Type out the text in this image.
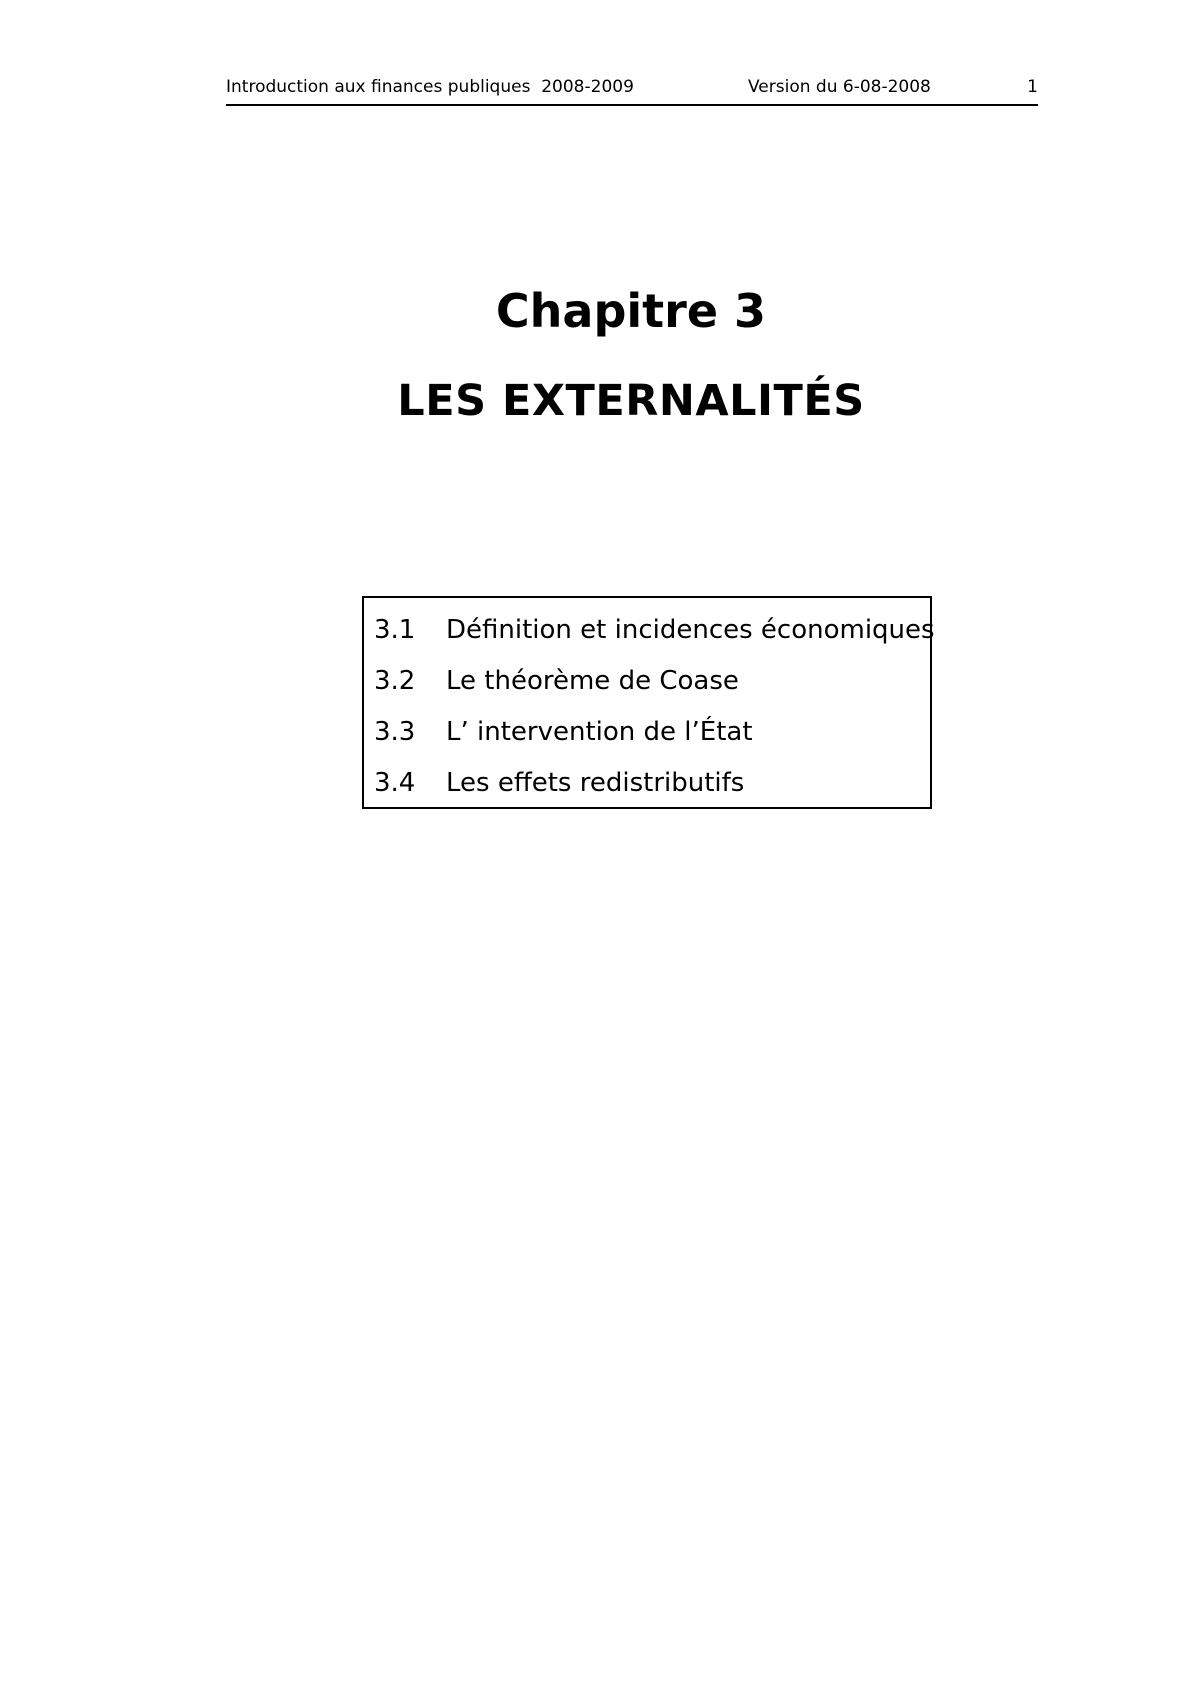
Introduction aux finances publiques  2008-2009	Version du 6-08-2008	1
Chapitre 3
LES EXTERNALITÉS
3.1 Définition et incidences économiques
3.2 Le théorème de Coase
3.3 L’ intervention de l’État
3.4 Les effets redistributifs
